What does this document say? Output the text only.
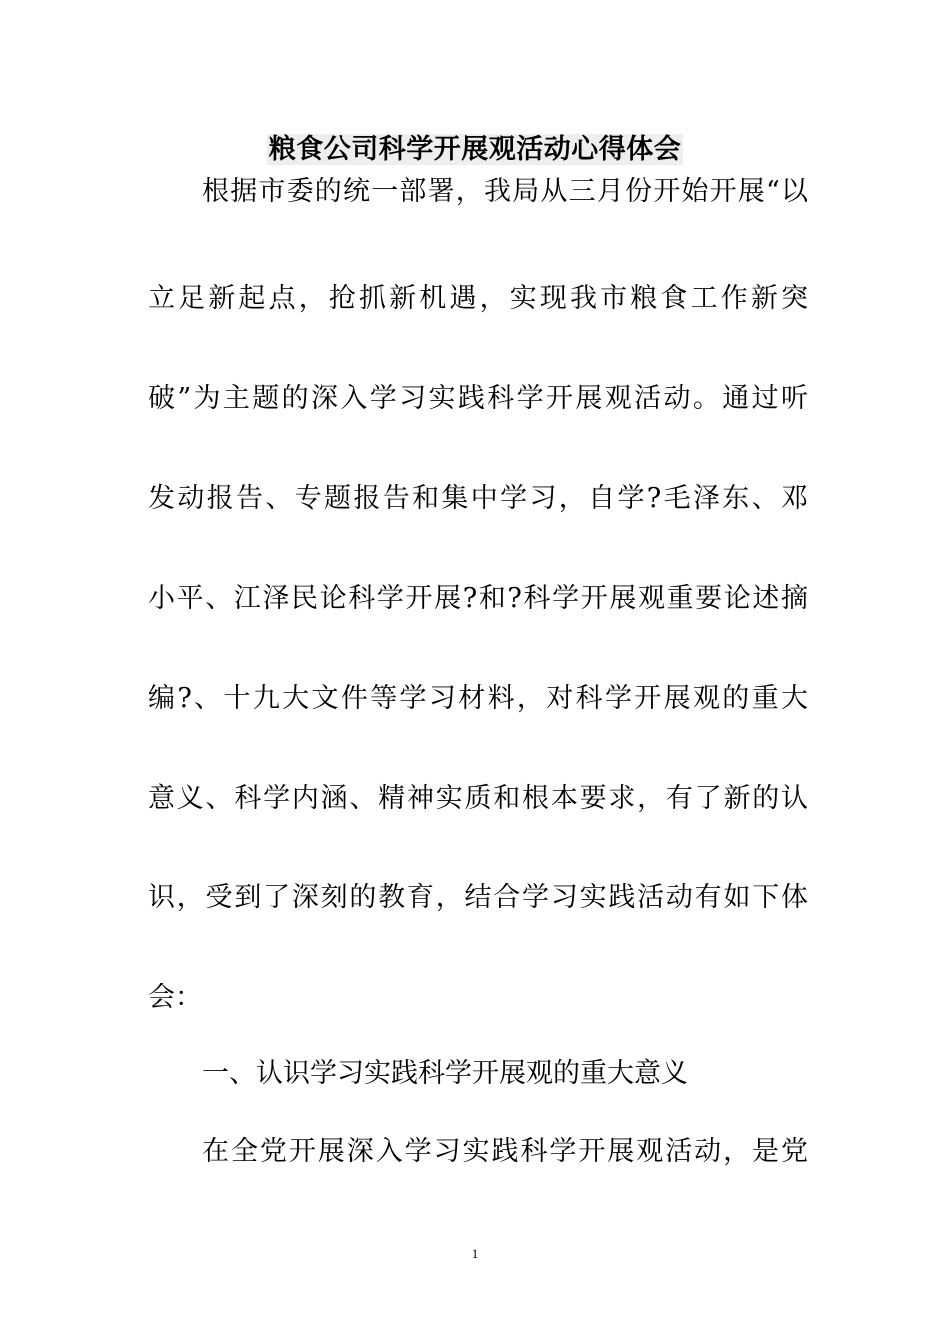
粮食公司科学开展观活动心得体会
根据市委的统一部署，我局从三月份开始开展“以
立足新起点，抢抓新机遇，实现我市粮食工作新突
破”为主题的深入学习实践科学开展观活动。通过听
发动报告、专题报告和集中学习，自学?毛泽东、邓
小平、江泽民论科学开展?和?科学开展观重要论述摘
编?、十九大文件等学习材料，对科学开展观的重大
意义、科学内涵、精神实质和根本要求，有了新的认
识，受到了深刻的教育，结合学习实践活动有如下体
会：
一、认识学习实践科学开展观的重大意义
在全党开展深入学习实践科学开展观活动，是党
1
